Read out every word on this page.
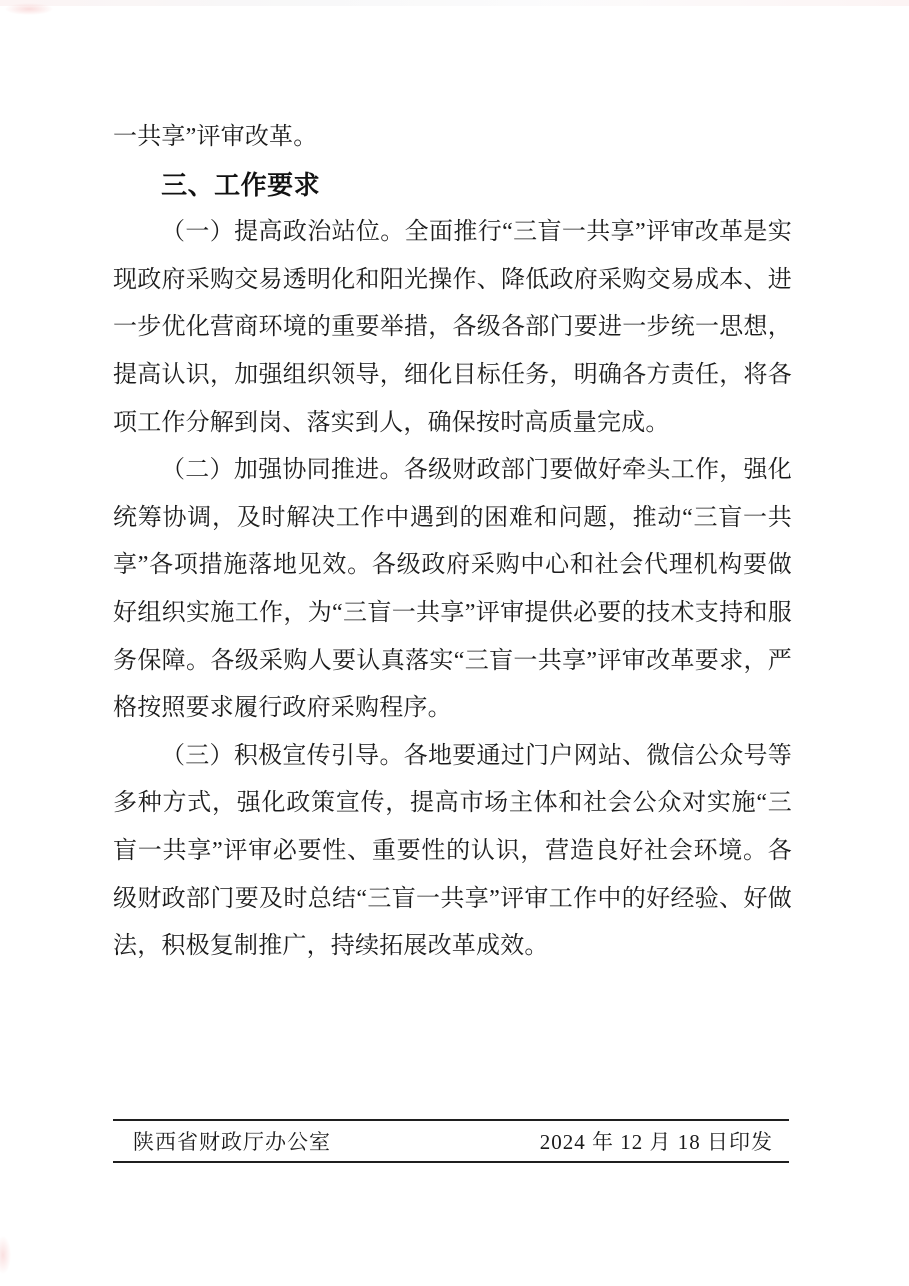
一共享”评审改革。

三、工作要求

（一）提高政治站位。全面推行“三盲一共享”评审改革是实现政府采购交易透明化和阳光操作、降低政府采购交易成本、进一步优化营商环境的重要举措，各级各部门要进一步统一思想，提高认识，加强组织领导，细化目标任务，明确各方责任，将各项工作分解到岗、落实到人，确保按时高质量完成。

（二）加强协同推进。各级财政部门要做好牵头工作，强化统筹协调，及时解决工作中遇到的困难和问题，推动“三盲一共享”各项措施落地见效。各级政府采购中心和社会代理机构要做好组织实施工作，为“三盲一共享”评审提供必要的技术支持和服务保障。各级采购人要认真落实“三盲一共享”评审改革要求，严格按照要求履行政府采购程序。

（三）积极宣传引导。各地要通过门户网站、微信公众号等多种方式，强化政策宣传，提高市场主体和社会公众对实施“三盲一共享”评审必要性、重要性的认识，营造良好社会环境。各级财政部门要及时总结“三盲一共享”评审工作中的好经验、好做法，积极复制推广，持续拓展改革成效。

陕西省财政厅办公室	2024 年 12 月 18 日印发
